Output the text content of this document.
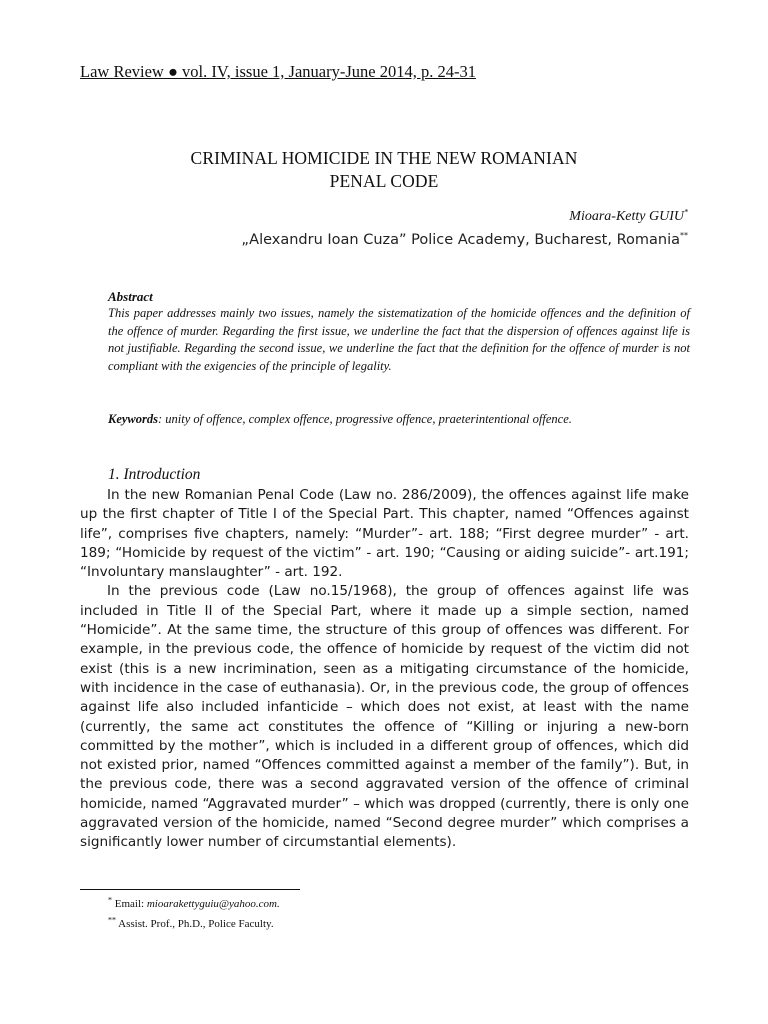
Law Review ● vol. IV, issue 1, January-June 2014, p. 24-31
CRIMINAL HOMICIDE IN THE NEW ROMANIAN
PENAL CODE
Mioara-Ketty GUIU*
„Alexandru Ioan Cuza” Police Academy, Bucharest, Romania**
Abstract

This paper addresses mainly two issues, namely the sistematization of the homicide offences and the definition of the offence of murder. Regarding the first issue, we underline the fact that the dispersion of offences against life is not justifiable. Regarding the second issue, we underline the fact that the definition for the offence of murder is not compliant with the exigencies of the principle of legality.

Keywords: unity of offence, complex offence, progressive offence, praeterintentional offence.

1. Introduction

In the new Romanian Penal Code (Law no. 286/2009), the offences against life make up the first chapter of Title I of the Special Part. This chapter, named “Offences against life”, comprises five chapters, namely: “Murder”- art. 188; “First degree murder” - art. 189; “Homicide by request of the victim” - art. 190; “Causing or aiding suicide”- art.191; “Involuntary manslaughter” - art. 192.

In the previous code (Law no.15/1968), the group of offences against life was included in Title II of the Special Part, where it made up a simple section, named “Homicide”. At the same time, the structure of this group of offences was different. For example, in the previous code, the offence of homicide by request of the victim did not exist (this is a new incrimination, seen as a mitigating circumstance of the homicide, with incidence in the case of euthanasia). Or, in the previous code, the group of offences against life also included infanticide – which does not exist, at least with the name (currently, the same act constitutes the offence of “Killing or injuring a new-born committed by the mother”, which is included in a different group of offences, which did not existed prior, named “Offences committed against a member of the family”). But, in the previous code, there was a second aggravated version of the offence of criminal homicide, named “Aggravated murder” – which was dropped (currently, there is only one aggravated version of the homicide, named “Second degree murder” which comprises a significantly lower number of circumstantial elements).

* Email: mioarakettyguiu@yahoo.com.

** Assist. Prof., Ph.D., Police Faculty.
